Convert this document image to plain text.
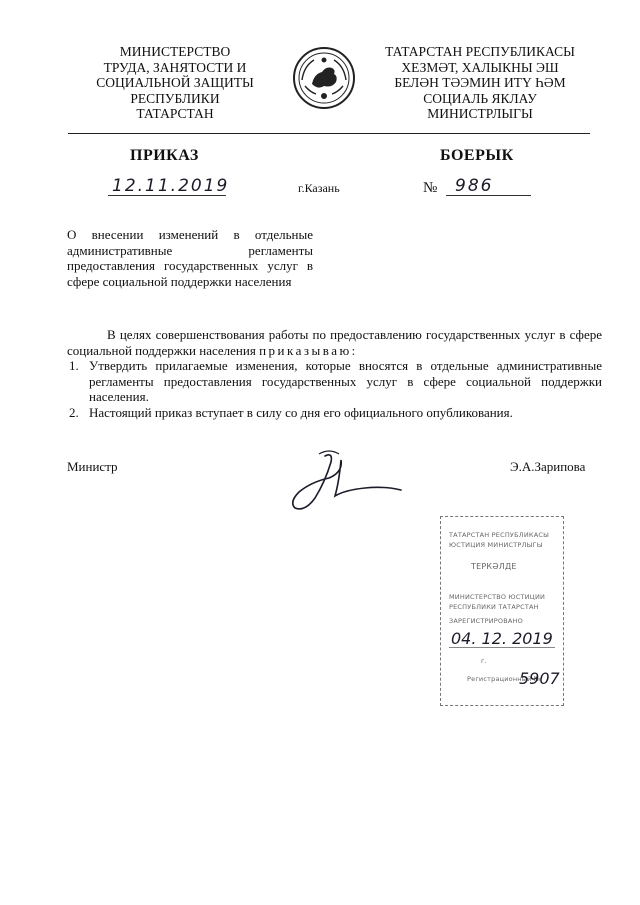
МИНИСТЕРСТВО
ТРУДА, ЗАНЯТОСТИ И
СОЦИАЛЬНОЙ ЗАЩИТЫ
РЕСПУБЛИКИ
ТАТАРСТАН
ТАТАРСТАН РЕСПУБЛИКАСЫ
ХЕЗМӘТ, ХАЛЫКНЫ ЭШ
БЕЛӘН ТӘЭМИН ИТҮ ҺӘМ
СОЦИАЛЬ ЯКЛАУ
МИНИСТРЛЫГЫ
ПРИКАЗ	БОЕРЫК
12.11.2019	г.Казань	№ 986
О внесении изменений в отдельные административные регламенты предоставления государственных услуг в сфере социальной поддержки населения

В целях совершенствования работы по предоставлению государственных услуг в сфере социальной поддержки населения приказываю:

1. Утвердить прилагаемые изменения, которые вносятся в отдельные административные регламенты предоставления государственных услуг в сфере социальной поддержки населения.
2. Настоящий приказ вступает в силу со дня его официального опубликования.
Министр	Э.А.Зарипова
ТАТАРСТАН РЕСПУБЛИКАСЫ
ЮСТИЦИЯ МИНИСТРЛЫГЫ
ТЕРКӘЛДЕ
МИНИСТЕРСТВО ЮСТИЦИИ
РЕСПУБЛИКИ ТАТАРСТАН
ЗАРЕГИСТРИРОВАНО
04. 12. 2019
г.
Регистрационный №
5907
